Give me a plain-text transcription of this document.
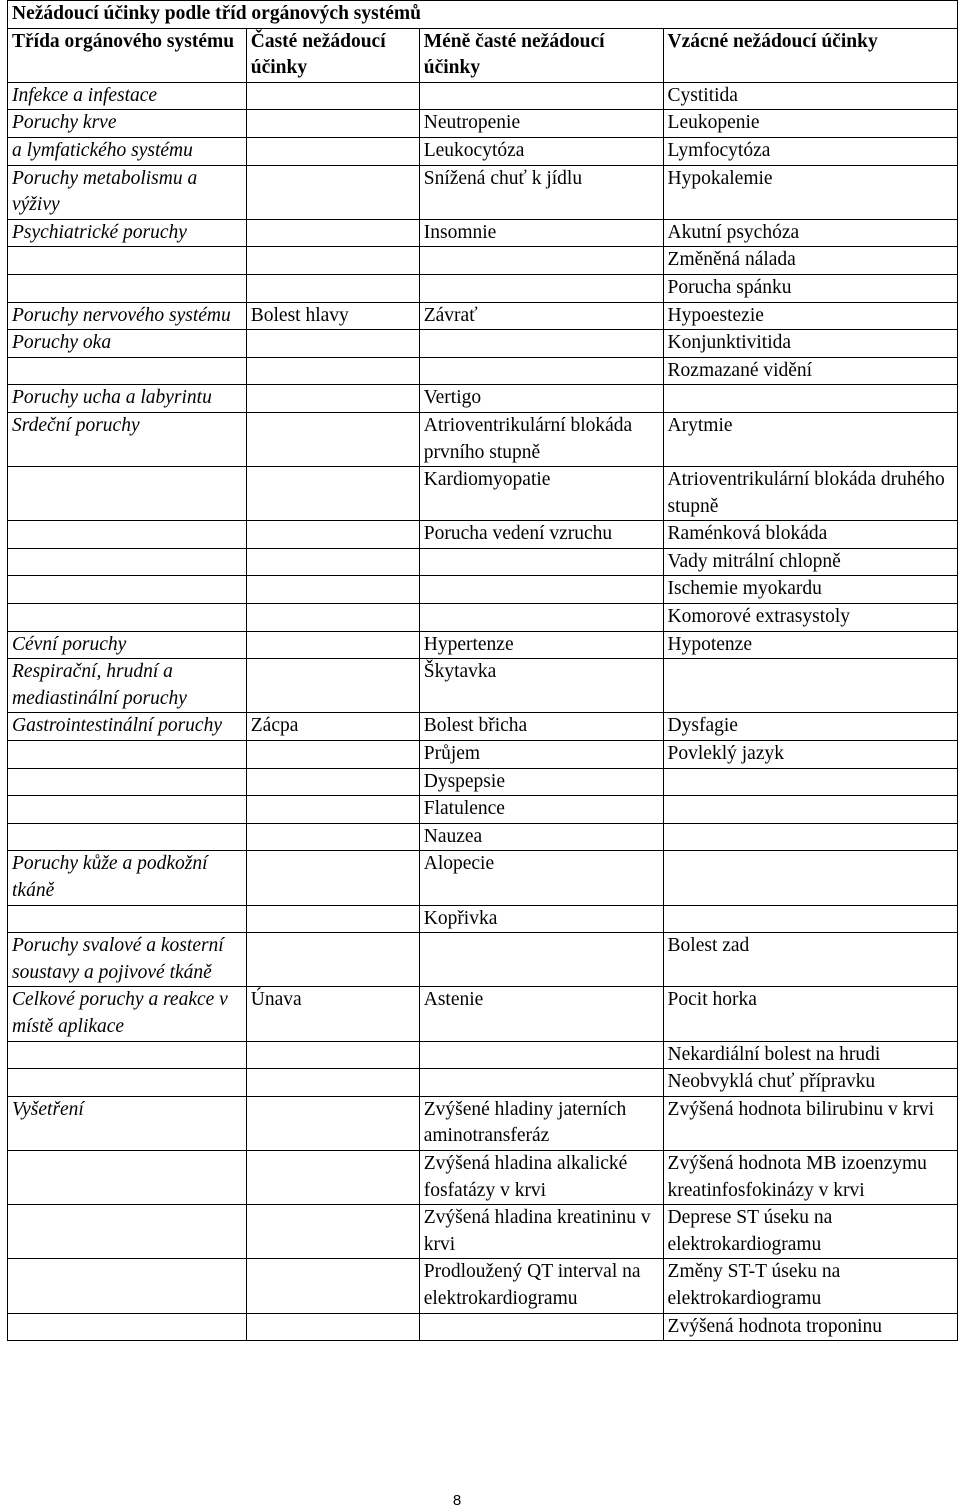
Nežádoucí účinky podle tříd orgánových systémů			
Třída orgánového systému	Časté nežádoucí účinky	Méně časté nežádoucí účinky	Vzácné nežádoucí účinky
Infekce a infestace			Cystitida
Poruchy krve		Neutropenie	Leukopenie
a lymfatického systému		Leukocytóza	Lymfocytóza
Poruchy metabolismu a výživy		Snížená chuť k jídlu	Hypokalemie
Psychiatrické poruchy		Insomnie	Akutní psychóza
			Změněná nálada
			Porucha spánku
Poruchy nervového systému	Bolest hlavy	Závrať	Hypoestezie
Poruchy oka			Konjunktivitida
			Rozmazané vidění
Poruchy ucha a labyrintu		Vertigo	
Srdeční poruchy		Atrioventrikulární blokáda prvního stupně	Arytmie
		Kardiomyopatie	Atrioventrikulární blokáda druhého stupně
		Porucha vedení vzruchu	Raménková blokáda
			Vady mitrální chlopně
			Ischemie myokardu
			Komorové extrasystoly
Cévní poruchy		Hypertenze	Hypotenze
Respirační, hrudní a mediastinální poruchy		Škytavka	
Gastrointestinální poruchy	Zácpa	Bolest břicha	Dysfagie
		Průjem	Povleklý jazyk
		Dyspepsie	
		Flatulence	
		Nauzea	
Poruchy kůže a podkožní tkáně		Alopecie	
		Kopřivka	
Poruchy svalové a kosterní soustavy a pojivové tkáně			Bolest zad
Celkové poruchy a reakce v místě aplikace	Únava	Astenie	Pocit horka
			Nekardiální bolest na hrudi
			Neobvyklá chuť přípravku
Vyšetření		Zvýšené hladiny jaterních aminotransferáz	Zvýšená hodnota bilirubinu v krvi
		Zvýšená hladina alkalické fosfatázy v krvi	Zvýšená hodnota MB izoenzymu kreatinfosfokinázy v krvi
		Zvýšená hladina kreatininu v krvi	Deprese ST úseku na elektrokardiogramu
		Prodloužený QT interval na elektrokardiogramu	Změny ST-T úseku na elektrokardiogramu
			Zvýšená hodnota troponinu
8
